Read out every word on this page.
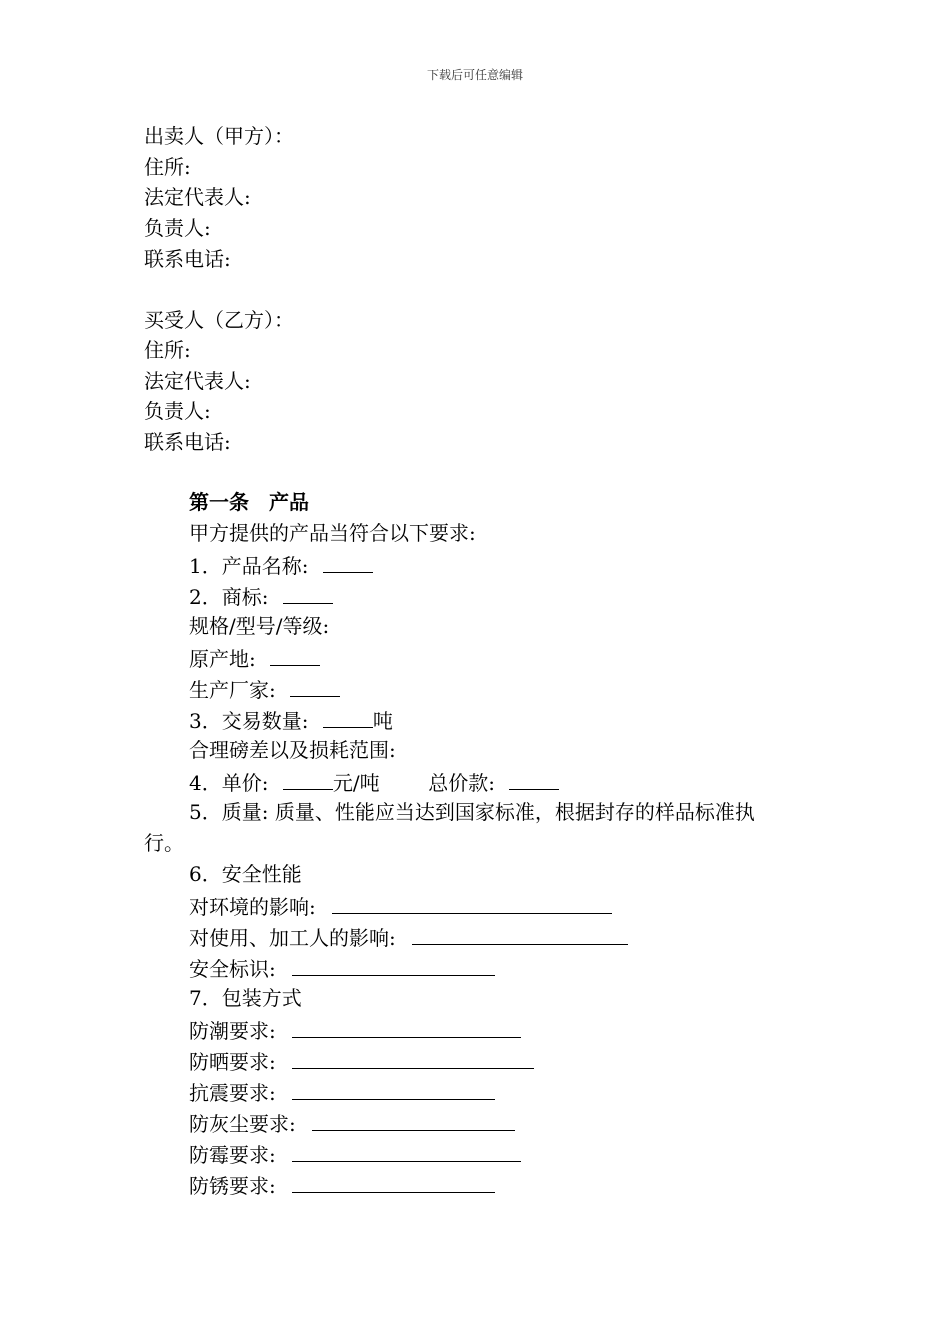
下载后可任意编辑
出卖人（甲方）：
住所:
法定代表人:
负责人:
联系电话:
买受人（乙方）：
住所:
法定代表人:
负责人:
联系电话:
第一条　产品
甲方提供的产品当符合以下要求:
1．产品名称:
2．商标:
规格/型号/等级:
原产地:
生产厂家:
3．交易数量:	吨
合理磅差以及损耗范围:
4．单价:	元/吨 总价款:
5．质量: 质量、性能应当达到国家标准，根据封存的样品标准执
行。
6．安全性能
对环境的影响:
对使用、加工人的影响:
安全标识:
7．包装方式
防潮要求:
防晒要求:
抗震要求:
防灰尘要求:
防霉要求:
防锈要求:
